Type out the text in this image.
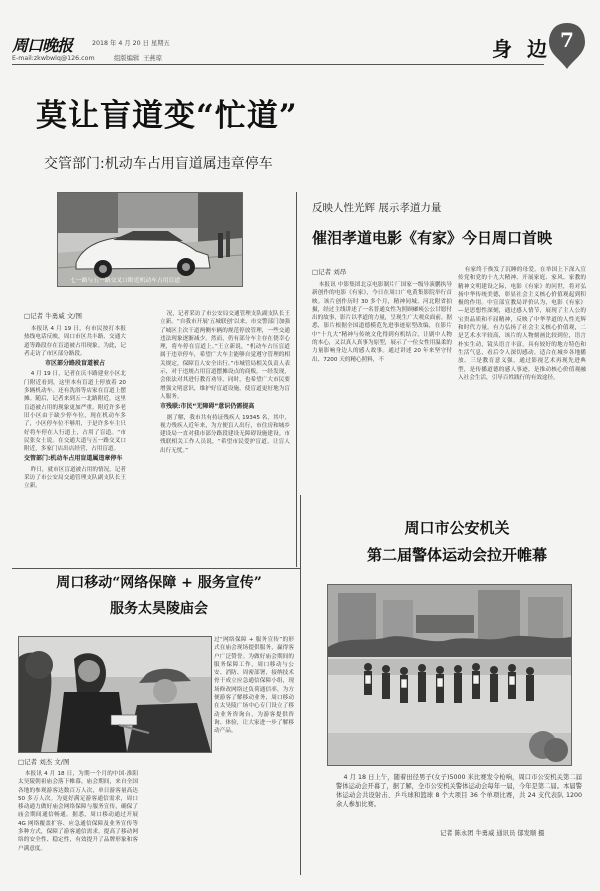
周口晚报	2018 年 4 月 20 日 星期五
E-mail:zkwbwlq@126.com	组版编辑 王燕琼	身 边 7
莫让盲道变“忙道”
交管部门:机动车占用盲道属违章停车
七一路与五一路交叉口附近机动车占用盲道
□记者 牛勇威 文/图

本报讯 4 月 19 日，有市民按打本报热线电话反映，周口市区共丰路、交通大道等路段存在盲道被占用现象。为此，记者走访了市区部分路段。

市区部分路段盲道被占

4 月 19 日，记者在庆丰路建业小区北门附近看到，这里本有盲道上停放着 20 多辆机动车。还有洗浴等店家在盲道上摆摊。随后，记者来到五一北路附近，这里盲道被占用的现象更加严重。附近许多老旧小区由于缺少停车位，现在机动车多了，小区停车位不够用，于是许多车主只好将车停在人行道上，占用了盲道。“市民张女士说。在交通大道与五一路交叉口附近，多家门店出店经营，占用盲道。

交管部门:机动车占用盲道属违章停车

昨日，就市区盲道被占用的情况，记者采访了市公安局交通管理支队副支队长王立新。

况，记者采访了市公安局交通管理支队副支队长王立新。“自我市开展‘五城联创’以来，市交警部门加强了城区主次干道两侧车辆的规范停放管理，一些交通违法现象逐渐减少。然而，仍有部分车主存在侥幸心理，将车停在盲道上。”王立新说，“机动车占压盲道属于违章停车，希望广大车主能够自觉遵守管理的相关规定，保障盲人安全出行。”市城管局相关负责人表示，对于违规占用盲道摆摊设点的商贩，一经发现，会依法对其进行教育劝导，同时，也希望广大市民要增强文明意识，维护好盲道设施，使盲道更好地为盲人服务。

市残联:市民“无障碍”意识仍需提高

据了解，我市共有持证残疾人 19345 名，其中，视力残疾人近年来，为方便盲人出行，市住房和城乡建设局一直对我市部分路段建设无障碍设施建设。市残联相关工作人员说，“希望市民爱护盲道，让盲人出行无忧。”

反映人性光辉 展示孝道力量
催泪孝道电影《有家》今日周口首映
□记者 刘昂

本报讯 中影集团北京电影制片厂国家一级导演鹏执导新创作的电影《有家》，今日在周口广电黄集影院举行首映。该片创作历时 30 多个月，精神同城、河北附省拍摄，经过主线讲述了一名普通女性为照顾瘫痪公公甘愿付出的故事，影片以孝道的力量，呈现生广大观众面前。据悉，影片根据全国道德模范先进事迹原型改编，在影片中“十九大”精神与传统文化得到有机结合，让剧中人物的本心，又以真人真事为原型，展示了一位女性用温柔的力量影响身边人的感人故事。通过讲述 20 年来坚守付出、7200 天的精心照料，不

有家终于焕发了沉睡的母爱。在举国上下深入宣传党和党的十九大精神、开展家庭、家风、家教的精神文明建设之际，电影《有家》的问世，将对弘扬中华传统美德，彰显社会主义核心价值观起到积极的作用。中宣部宣教局评价认为，电影《有家》—是思想性深刻，通过感人情节，展现了主人公的宝贵品质和不屈精神，反映了中华孝道的人性光辉和时代力量。有力弘扬了社会主义核心价值观，二是艺术水平较高，该片的人物刻画比较到位，语言朴实生动，镜头语言丰富，具有较好的地方特色和生活气息，看后令人深切感动。适合在城乡各地播放。三是教育意义强，通过影视艺术再现先进典型，是传播道德的感人事迹，是推动核心价值观融入社会生活，引导百姓践行的有效途径。

周口市公安机关
第二届警体运动会拉开帷幕
4 月 18 日上午，随着田径男子(女子)5000 米比赛发令枪响，周口市公安机关第二届警体运动会开幕了，据了解，全市公安机关警体运动会每年一届，今年是第二届。本届警体运动会共设射击、乒乓球和篮球 8 个大项目 36 个单项比赛，共 24 支代表队 1200 余人参加比赛。
记者 陈永团 牛勇威 通讯员 郁发顺 摄
周口移动“网络保障 + 服务宣传”
服务太昊陵庙会
过“网络保障 + 服务宣传”的形式在庙会现场提供服务，赢得客户广泛赞誉。为做好庙会期间的服务保障工作，周口移动与公安、消防、周密部署，接纳技术骨干成立应急通信保障小组，现场修改网络过负荷通信率，为方便游客了解移动业务，周口移动在太昊陵广场中心专门设立了移动业务咨询台，为游客提供咨询、体验，让大家进一步了解移动产品。
□记者 刘杰 文/图
本报讯 4 月 18 日，为期一个月的中国·淮阳太昊陵朝祖庙会落下帷幕。庙会期间，来自全国各地的参观游客达数百万人次，单日游客量高达 50 多万人次。为更好满足游客通信需求，周口移动通力做好庙会网络保障与服务宣传，确保了庙会期间通信畅通。据悉，周口移动通过开展 4G 网络覆盖扩容、应急通信保障及业务宣传等多种方式，保障了游客通信需求，提高了移动网络的安全性、稳定性，有效提升了品牌形象和客户满意度。
